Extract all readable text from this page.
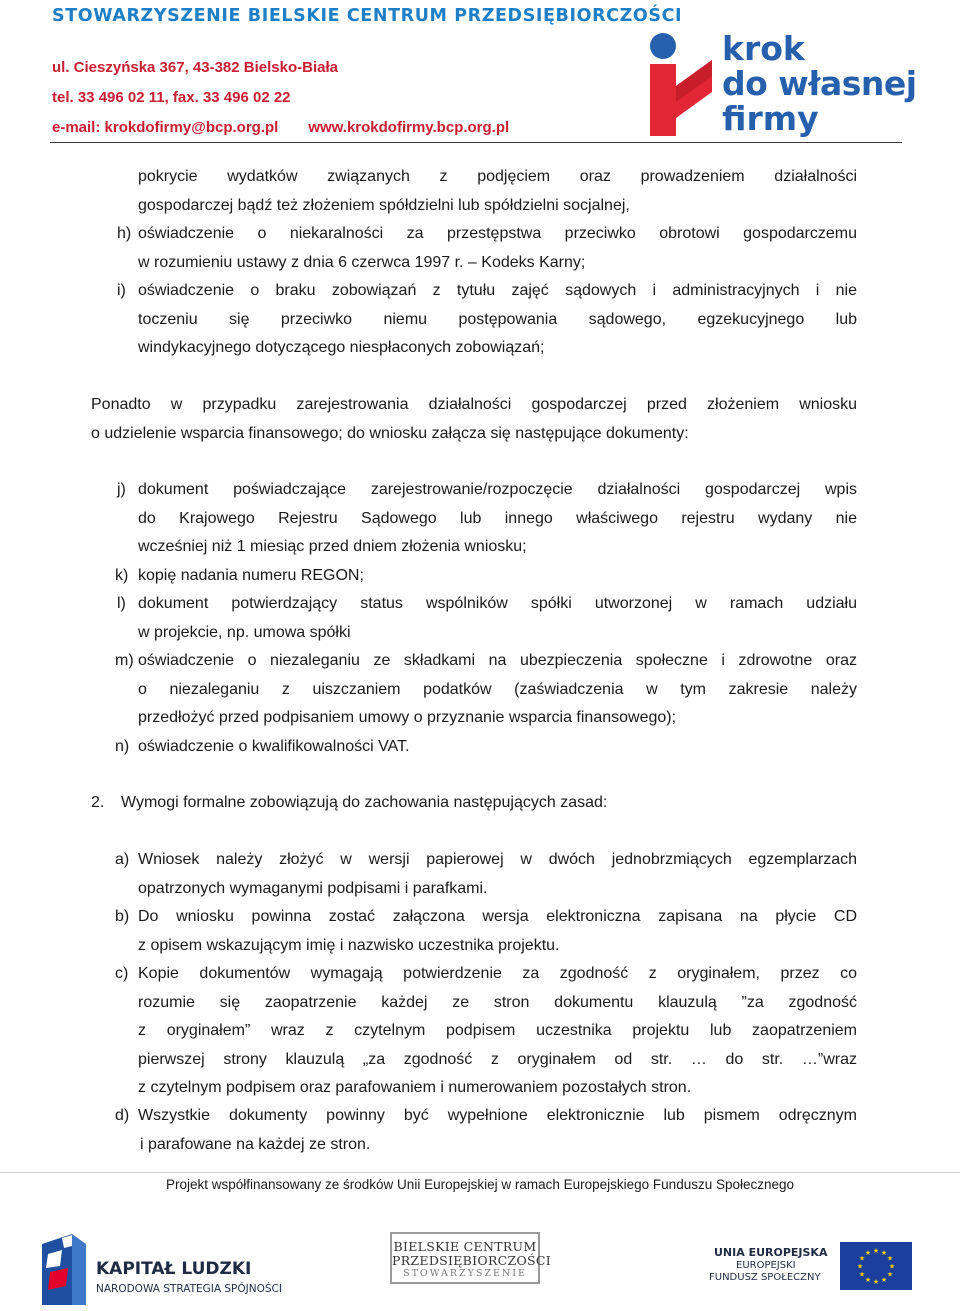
STOWARZYSZENIE BIELSKIE CENTRUM PRZEDSIĘBIORCZOŚCI
ul. Cieszyńska 367, 43-382 Bielsko-Biała
tel. 33 496 02 11, fax. 33 496 02 22
e-mail: krokdofirmy@bcp.org.pl www.krokdofirmy.bcp.org.pl
krok
do własnej
firmy
pokrycie wydatków związanych z podjęciem oraz prowadzeniem działalności
gospodarczej bądź też złożeniem spółdzielni lub spółdzielni socjalnej,
h) oświadczenie o niekaralności za przestępstwa przeciwko obrotowi gospodarczemu
w rozumieniu ustawy z dnia 6 czerwca 1997 r. – Kodeks Karny;
i) oświadczenie o braku zobowiązań z tytułu zajęć sądowych i administracyjnych i nie
toczeniu się przeciwko niemu postępowania sądowego, egzekucyjnego lub
windykacyjnego dotyczącego niespłaconych zobowiązań;
Ponadto w przypadku zarejestrowania działalności gospodarczej przed złożeniem wniosku
o udzielenie wsparcia finansowego; do wniosku załącza się następujące dokumenty:
j) dokument poświadczające zarejestrowanie/rozpoczęcie działalności gospodarczej wpis
do Krajowego Rejestru Sądowego lub innego właściwego rejestru wydany nie
wcześniej niż 1 miesiąc przed dniem złożenia wniosku;
k) kopię nadania numeru REGON;
l) dokument potwierdzający status wspólników spółki utworzonej w ramach udziału
w projekcie, np. umowa spółki
m) oświadczenie o niezaleganiu ze składkami na ubezpieczenia społeczne i zdrowotne oraz
o niezaleganiu z uiszczaniem podatków (zaświadczenia w tym zakresie należy
przedłożyć przed podpisaniem umowy o przyznanie wsparcia finansowego);
n) oświadczenie o kwalifikowalności VAT.
2. Wymogi formalne zobowiązują do zachowania następujących zasad:
a) Wniosek należy złożyć w wersji papierowej w dwóch jednobrzmiących egzemplarzach
opatrzonych wymaganymi podpisami i parafkami.
b) Do wniosku powinna zostać załączona wersja elektroniczna zapisana na płycie CD
z opisem wskazującym imię i nazwisko uczestnika projektu.
c) Kopie dokumentów wymagają potwierdzenie za zgodność z oryginałem, przez co
rozumie się zaopatrzenie każdej ze stron dokumentu klauzulą ”za zgodność
z oryginałem” wraz z czytelnym podpisem uczestnika projektu lub zaopatrzeniem
pierwszej strony klauzulą „za zgodność z oryginałem od str. … do str. …”wraz
z czytelnym podpisem oraz parafowaniem i numerowaniem pozostałych stron.
d) Wszystkie dokumenty powinny być wypełnione elektronicznie lub pismem odręcznym
i parafowane na każdej ze stron.
Projekt współfinansowany ze środków Unii Europejskiej w ramach Europejskiego Funduszu Społecznego
KAPITAŁ LUDZKI
NARODOWA STRATEGIA SPÓJNOŚCI
BIELSKIE CENTRUM
PRZEDSIĘBIORCZOŚCI
STOWARZYSZENIE
UNIA EUROPEJSKA
EUROPEJSKI
FUNDUSZ SPOŁECZNY
★ ★
★
★
★
★
★
★
★
★
★
★
